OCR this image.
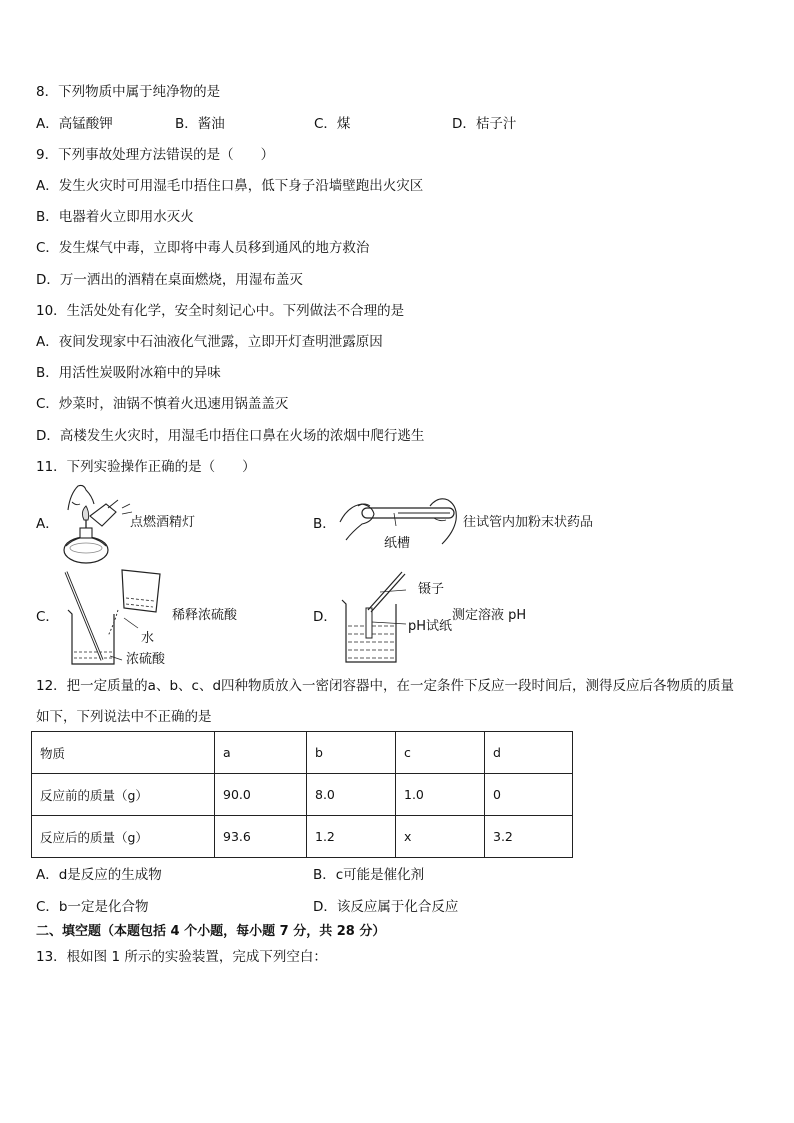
8．下列物质中属于纯净物的是
A．高锰酸钾	B．酱油	C．煤	D．桔子汁
9．下列事故处理方法错误的是（　　）
A．发生火灾时可用湿毛巾捂住口鼻，低下身子沿墙壁跑出火灾区
B．电器着火立即用水灭火
C．发生煤气中毒，立即将中毒人员移到通风的地方救治
D．万一洒出的酒精在桌面燃烧，用湿布盖灭
10．生活处处有化学，安全时刻记心中。下列做法不合理的是
A．夜间发现家中石油液化气泄露，立即开灯查明泄露原因
B．用活性炭吸附冰箱中的异味
C．炒菜时，油锅不慎着火迅速用锅盖盖灭
D．高楼发生火灾时，用湿毛巾捂住口鼻在火场的浓烟中爬行逃生
11．下列实验操作正确的是（　　）
A．	点燃酒精灯	B．
纸槽
往试管内加粉末状药品
C．
水
浓硫酸
稀释浓硫酸	D．
镊子
pH试纸
测定溶液 pH
12．把一定质量的a、b、c、d四种物质放入一密闭容器中，在一定条件下反应一段时间后，测得反应后各物质的质量
如下，下列说法中不正确的是
物质	a	b	c	d
反应前的质量（g）	90.0	8.0	1.0	0
反应后的质量（g）	93.6	1.2	x	3.2
A．d是反应的生成物	B．c可能是催化剂
C．b一定是化合物	D．该反应属于化合反应
二、填空题（本题包括 4 个小题，每小题 7 分，共 28 分）
13．根如图 1 所示的实验装置，完成下列空白：
